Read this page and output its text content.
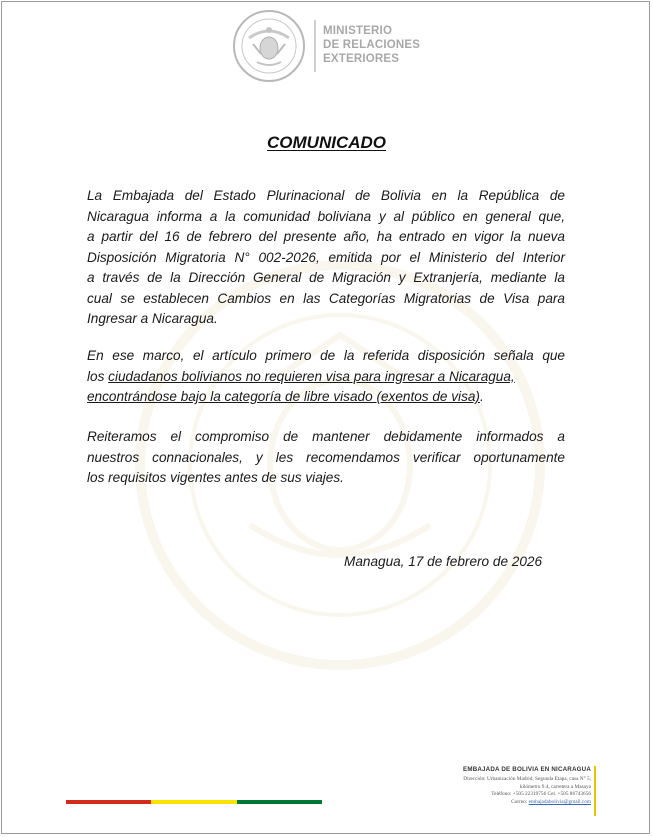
MINISTERIO
DE RELACIONES
EXTERIORES
COMUNICADO
La Embajada del Estado Plurinacional de Bolivia en la República de
Nicaragua informa a la comunidad boliviana y al público en general que,
a partir del 16 de febrero del presente año, ha entrado en vigor la nueva
Disposición Migratoria N° 002-2026, emitida por el Ministerio del Interior
a través de la Dirección General de Migración y Extranjería, mediante la
cual se establecen Cambios en las Categorías Migratorias de Visa para
Ingresar a Nicaragua.
En ese marco, el artículo primero de la referida disposición señala que
los ciudadanos bolivianos no requieren visa para ingresar a Nicaragua,
encontrándose bajo la categoría de libre visado (exentos de visa).
Reiteramos el compromiso de mantener debidamente informados a
nuestros connacionales, y les recomendamos verificar oportunamente
los requisitos vigentes antes de sus viajes.
Managua, 17 de febrero de 2026
EMBAJADA DE BOLIVIA EN NICARAGUA
Dirección: Urbanización Madrid, Segunda Etapa, casa N° 5,
kilómetro 9.4, carretera a Masaya
Teléfono: +505 22319756 Cel. +505 86743656
Correo: embajadabolivia@gmail.com
